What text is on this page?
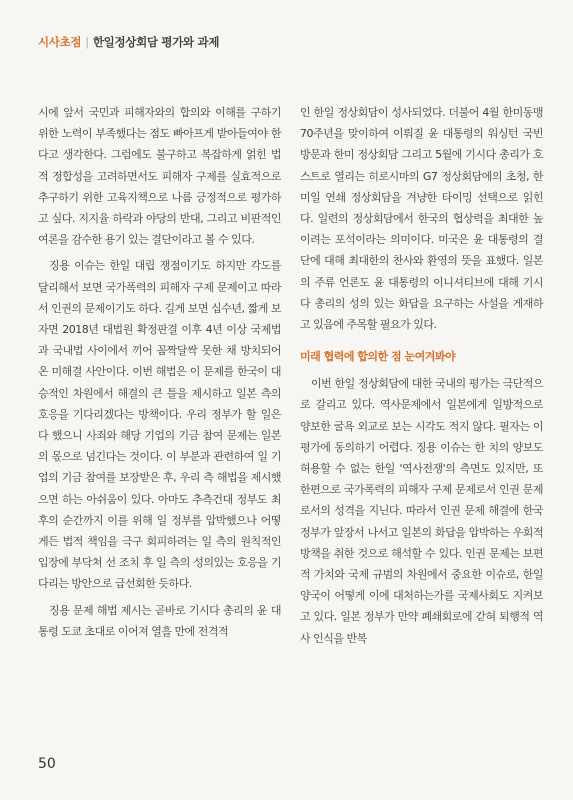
시사초점 | 한일정상회담 평가와 과제

시에 앞서 국민과 피해자와의 합의와 이해를 구하기 위한 노력이 부족했다는 점도 빠아프게 받아들여야 한다고 생각한다. 그럼에도 불구하고 복잡하게 얽힌 법적 정합성을 고려하면서도 피해자 구제를 실효적으로 추구하기 위한 고육지책으로 나름 긍정적으로 평가하고 싶다. 지지율 하락과 야당의 반대, 그리고 비판적인 여론을 감수한 용기 있는 결단이라고 볼 수 있다.

징용 이슈는 한일 대립 쟁점이기도 하지만 각도를 달리해서 보면 국가폭력의 피해자 구제 문제이고 따라서 인권의 문제이기도 하다. 길게 보면 십수년, 짧게 보자면 2018년 대법원 확정판결 이후 4년 이상 국제법과 국내법 사이에서 끼어 꼼짝달싹 못한 채 방치되어 온 미해결 사안이다. 이번 해법은 이 문제를 한국이 대승적인 차원에서 해결의 큰 틀을 제시하고 일본 측의 호응을 기다리겠다는 방책이다. 우리 정부가 할 일은 다 했으니 사죄와 해당 기업의 기금 참여 문제는 일본의 몫으로 넘긴다는 것이다. 이 부분과 관련하여 일 기업의 기금 참여를 보장받은 후, 우리 측 해법을 제시했으면 하는 아쉬움이 있다. 아마도 추측건대 정부도 최후의 순간까지 이를 위해 일 정부를 압박했으나 어떻게든 법적 책임을 극구 회피하려는 일 측의 원칙적인 입장에 부닥쳐 선 조치 후 일 측의 성의있는 호응을 기다리는 방안으로 급선회한 듯하다.

징용 문제 해법 제시는 곧바로 기시다 총리의 윤 대통령 도쿄 초대로 이어져 열흘 만에 전격적

인 한일 정상회담이 성사되었다. 더불어 4월 한미동맹 70주년을 맞이하여 이뤄질 윤 대통령의 워싱턴 국빈 방문과 한미 정상회담 그리고 5월에 기시다 총리가 호스트로 열리는 히로시마의 G7 정상회담에의 초청, 한미일 연쇄 정상회담을 겨냥한 타이밍 선택으로 읽힌다. 일련의 정상회담에서 한국의 협상력을 최대한 높이려는 포석이라는 의미이다. 미국은 윤 대통령의 결단에 대해 최대한의 찬사와 환영의 뜻을 표했다. 일본의 주류 언론도 윤 대통령의 이니셔티브에 대해 기시다 총리의 성의 있는 화답을 요구하는 사설을 게재하고 있음에 주목할 필요가 있다.

미래 협력에 합의한 점 눈여겨봐야

이번 한일 정상회담에 대한 국내의 평가는 극단적으로 갈리고 있다. 역사문제에서 일본에게 일방적으로 양보한 굴욕 외교로 보는 시각도 적지 않다. 필자는 이 평가에 동의하기 어렵다. 징용 이슈는 한 치의 양보도 허용할 수 없는 한일 '역사전쟁'의 측면도 있지만, 또 한편으로 국가폭력의 피해자 구제 문제로서 인권 문제로서의 성격을 지닌다. 따라서 인권 문제 해결에 한국 정부가 앞장서 나서고 일본의 화답을 압박하는 우회적 방책을 취한 것으로 해석할 수 있다. 인권 문제는 보편적 가치와 국제 규범의 차원에서 중요한 이슈로, 한일 양국이 어떻게 이에 대처하는가를 국제사회도 지켜보고 있다. 일본 정부가 만약 폐쇄회로에 갇혀 퇴행적 역사 인식을 반복

50
